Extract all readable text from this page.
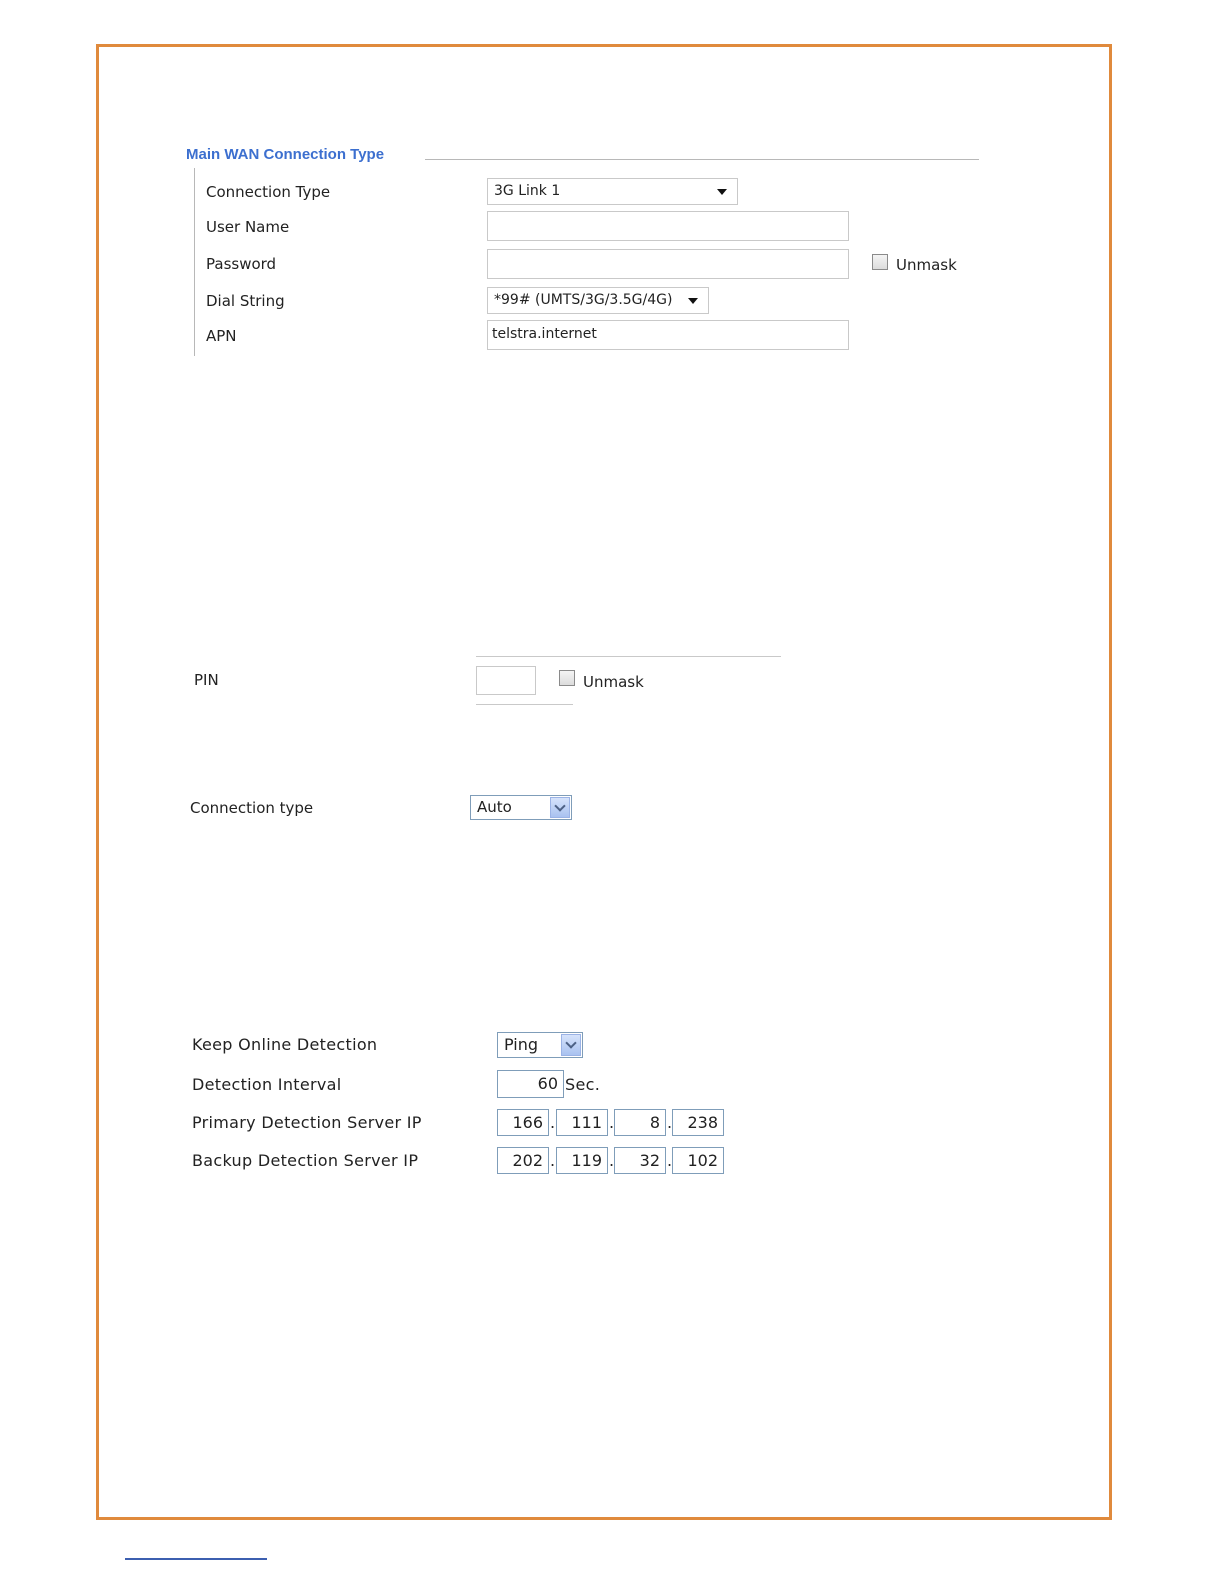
Main WAN Connection Type
Connection Type	3G Link 1
User Name
Password	Unmask
Dial String	*99# (UMTS/3G/3.5G/4G)
APN	telstra.internet
PIN	Unmask
Connection type	Auto
Keep Online Detection	Ping
Detection Interval	60 Sec.
Primary Detection Server IP	166 .	111 .	8 . 238
Backup Detection Server IP	202 .	119 .	32 . 102
